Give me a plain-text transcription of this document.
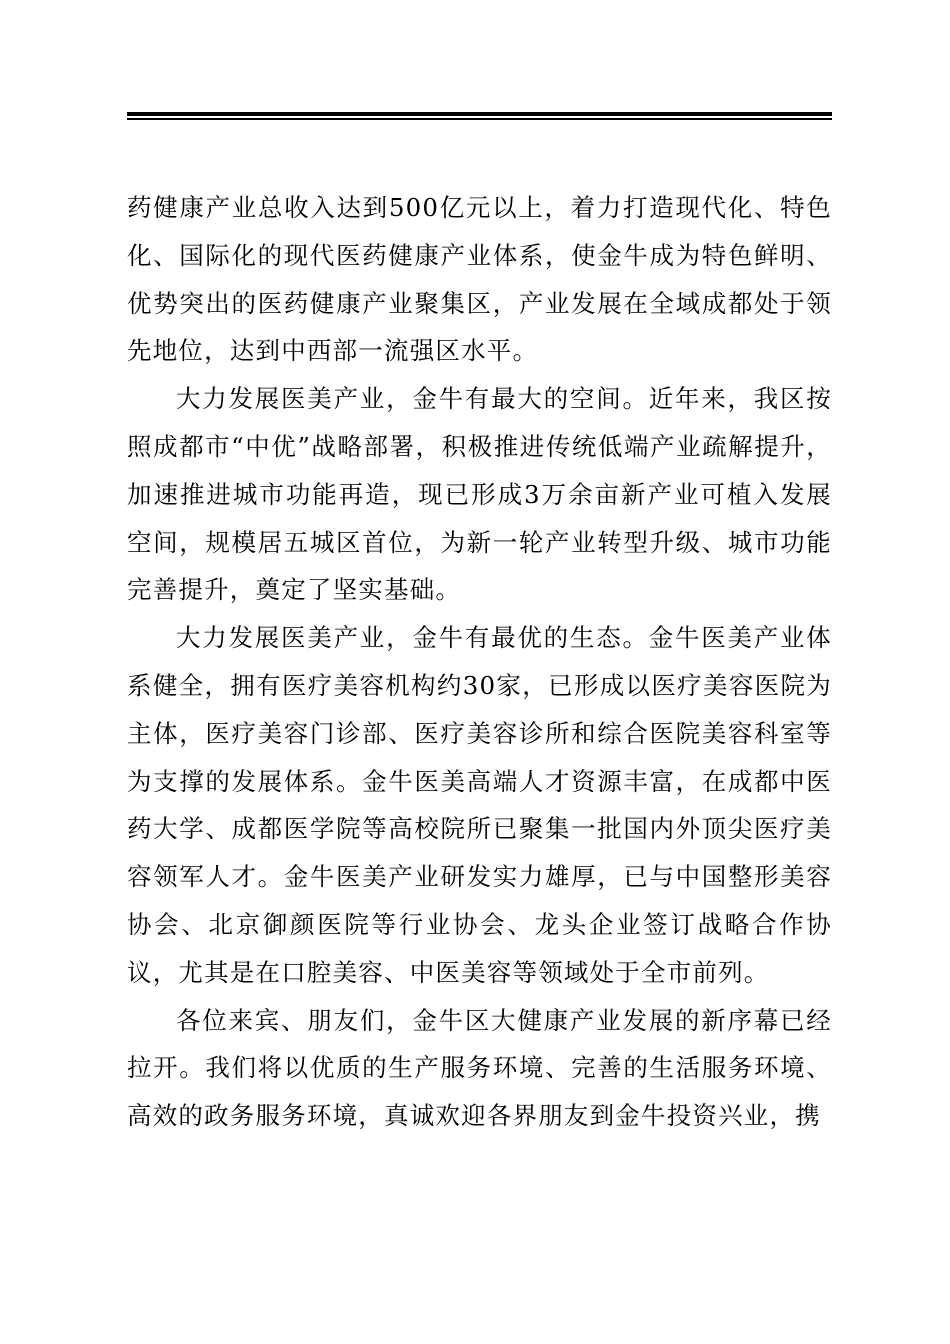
药健康产业总收入达到500亿元以上，着力打造现代化、特色化、国际化的现代医药健康产业体系，使金牛成为特色鲜明、优势突出的医药健康产业聚集区，产业发展在全域成都处于领先地位，达到中西部一流强区水平。

大力发展医美产业，金牛有最大的空间。近年来，我区按照成都市“中优”战略部署，积极推进传统低端产业疏解提升，加速推进城市功能再造，现已形成3万余亩新产业可植入发展空间，规模居五城区首位，为新一轮产业转型升级、城市功能完善提升，奠定了坚实基础。

大力发展医美产业，金牛有最优的生态。金牛医美产业体系健全，拥有医疗美容机构约30家，已形成以医疗美容医院为主体，医疗美容门诊部、医疗美容诊所和综合医院美容科室等为支撑的发展体系。金牛医美高端人才资源丰富，在成都中医药大学、成都医学院等高校院所已聚集一批国内外顶尖医疗美容领军人才。金牛医美产业研发实力雄厚，已与中国整形美容协会、北京御颜医院等行业协会、龙头企业签订战略合作协议，尤其是在口腔美容、中医美容等领域处于全市前列。

各位来宾、朋友们，金牛区大健康产业发展的新序幕已经拉开。我们将以优质的生产服务环境、完善的生活服务环境、高效的政务服务环境，真诚欢迎各界朋友到金牛投资兴业，携
